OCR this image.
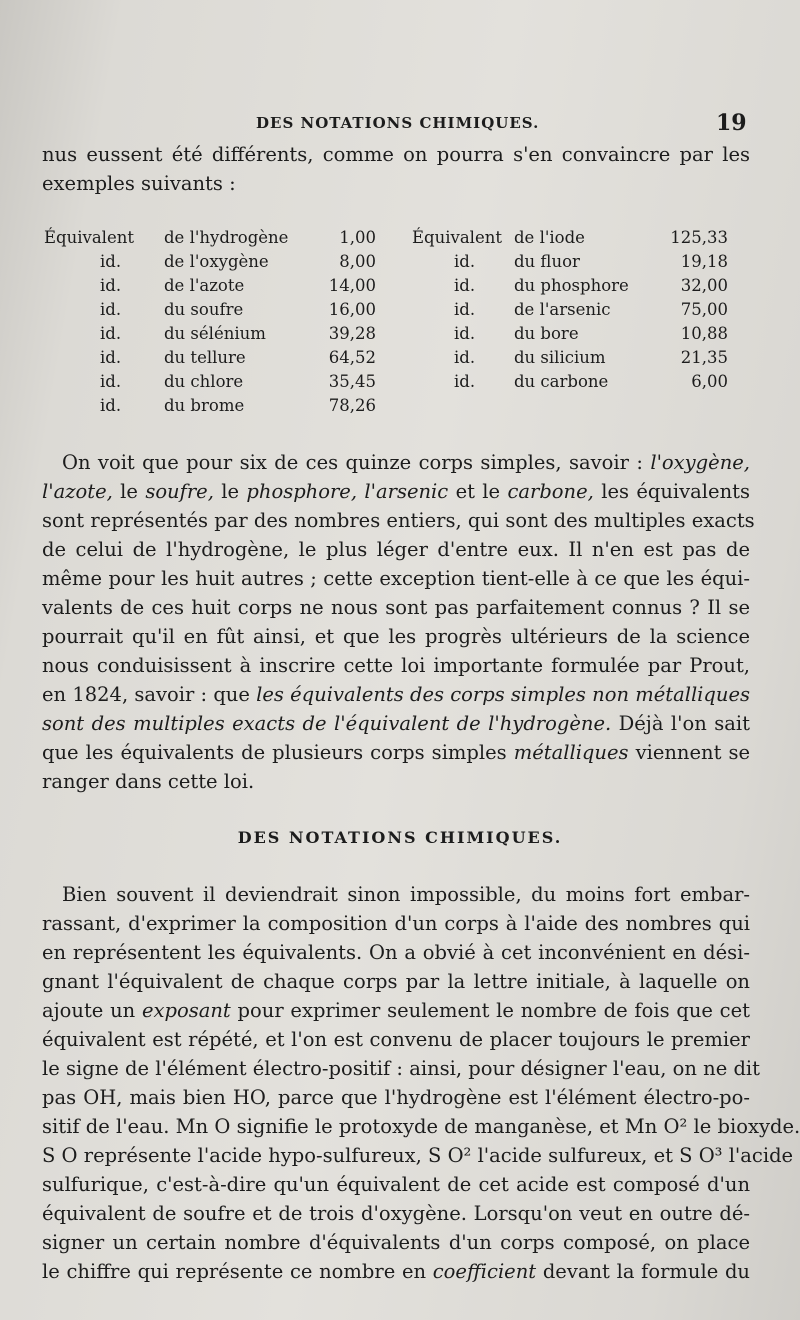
DES NOTATIONS CHIMIQUES.	19
nus eussent été différents, comme on pourra s'en convaincre par les
exemples suivants :
Équivalent de l'hydrogène	1,00 Équivalent de l'iode	125,33
id.	de l'oxygène	8,00	id. du fluor	19,18
id.	de l'azote	14,00	id. du phosphore	32,00
id.	du soufre	16,00	id. de l'arsenic	75,00
id.	du sélénium	39,28	id. du bore	10,88
id.	du tellure	64,52	id. du silicium	21,35
id.	du chlore	35,45	id. du carbone	6,00
id.	du brome	78,26
On voit que pour six de ces quinze corps simples, savoir : l'oxygène,
l'azote, le soufre, le phosphore, l'arsenic et le carbone, les équivalents
sont représentés par des nombres entiers, qui sont des multiples exacts
de celui de l'hydrogène, le plus léger d'entre eux. Il n'en est pas de
même pour les huit autres ; cette exception tient-elle à ce que les équi-
valents de ces huit corps ne nous sont pas parfaitement connus ? Il se
pourrait qu'il en fût ainsi, et que les progrès ultérieurs de la science
nous conduisissent à inscrire cette loi importante formulée par Prout,
en 1824, savoir : que les équivalents des corps simples non métalliques
sont des multiples exacts de l'équivalent de l'hydrogène. Déjà l'on sait
que les équivalents de plusieurs corps simples métalliques viennent se
ranger dans cette loi.
DES NOTATIONS CHIMIQUES.
Bien souvent il deviendrait sinon impossible, du moins fort embar-
rassant, d'exprimer la composition d'un corps à l'aide des nombres qui
en représentent les équivalents. On a obvié à cet inconvénient en dési-
gnant l'équivalent de chaque corps par la lettre initiale, à laquelle on
ajoute un exposant pour exprimer seulement le nombre de fois que cet
équivalent est répété, et l'on est convenu de placer toujours le premier
le signe de l'élément électro-positif : ainsi, pour désigner l'eau, on ne dit
pas OH, mais bien HO, parce que l'hydrogène est l'élément électro-po-
sitif de l'eau. Mn O signifie le protoxyde de manganèse, et Mn O² le bioxyde.
S O représente l'acide hypo-sulfureux, S O² l'acide sulfureux, et S O³ l'acide
sulfurique, c'est-à-dire qu'un équivalent de cet acide est composé d'un
équivalent de soufre et de trois d'oxygène. Lorsqu'on veut en outre dé-
signer un certain nombre d'équivalents d'un corps composé, on place
le chiffre qui représente ce nombre en coefficient devant la formule du
